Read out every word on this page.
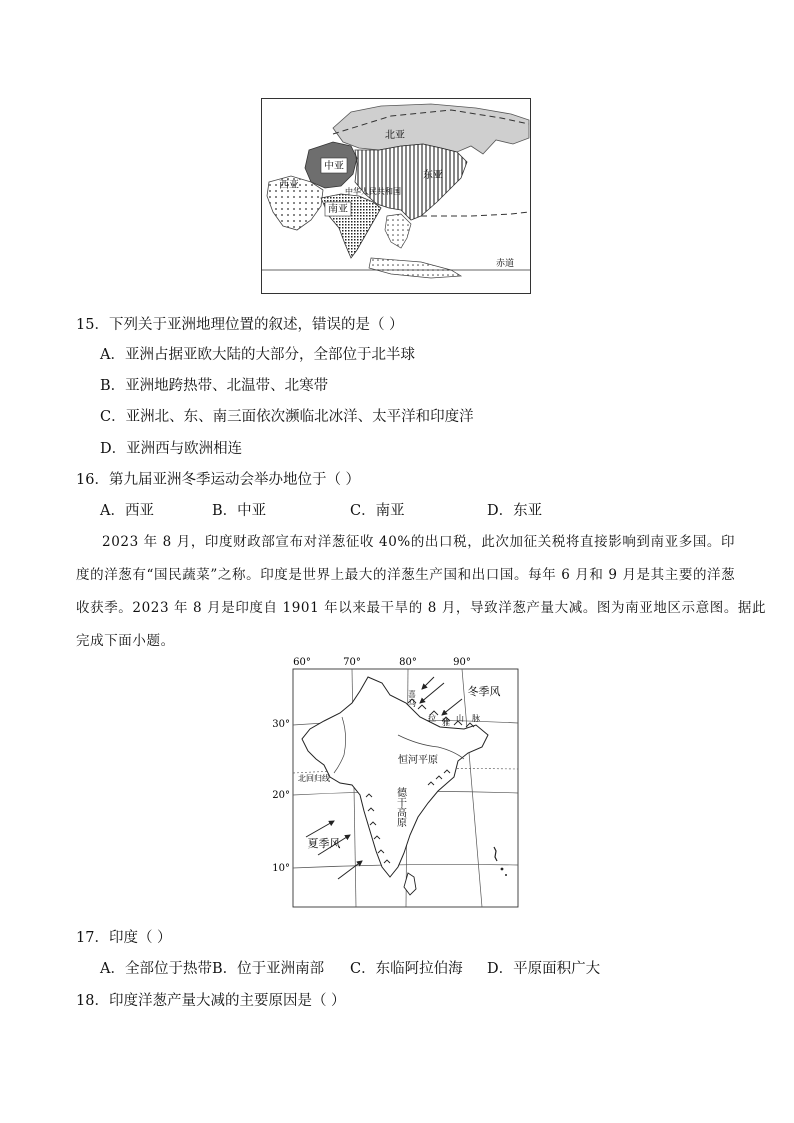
中亚
北亚
西亚
东亚
中华人民共和国
南亚
赤道
15．下列关于亚洲地理位置的叙述，错误的是（ ）
A．亚洲占据亚欧大陆的大部分，全部位于北半球
B．亚洲地跨热带、北温带、北寒带
C．亚洲北、东、南三面依次濒临北冰洋、太平洋和印度洋
D．亚洲西与欧洲相连
16．第九届亚洲冬季运动会举办地位于（ ）
A．西亚	B．中亚	C．南亚	D．东亚
2023 年 8 月，印度财政部宣布对洋葱征收 40%的出口税，此次加征关税将直接影响到南亚多国。印
度的洋葱有“国民蔬菜”之称。印度是世界上最大的洋葱生产国和出口国。每年 6 月和 9 月是其主要的洋葱
收获季。2023 年 8 月是印度自 1901 年以来最干旱的 8 月，导致洋葱产量大减。图为南亚地区示意图。据此
完成下面小题。
60°	70°	80°	90°
30°
20°
10°
冬季风
夏季风
北回归线
恒河平原
德干高原
喜
马
拉 雅 山 脉
17．印度（ ）
A．全部位于热带 B．位于亚洲南部 C．东临阿拉伯海 D．平原面积广大
18．印度洋葱产量大减的主要原因是（ ）
